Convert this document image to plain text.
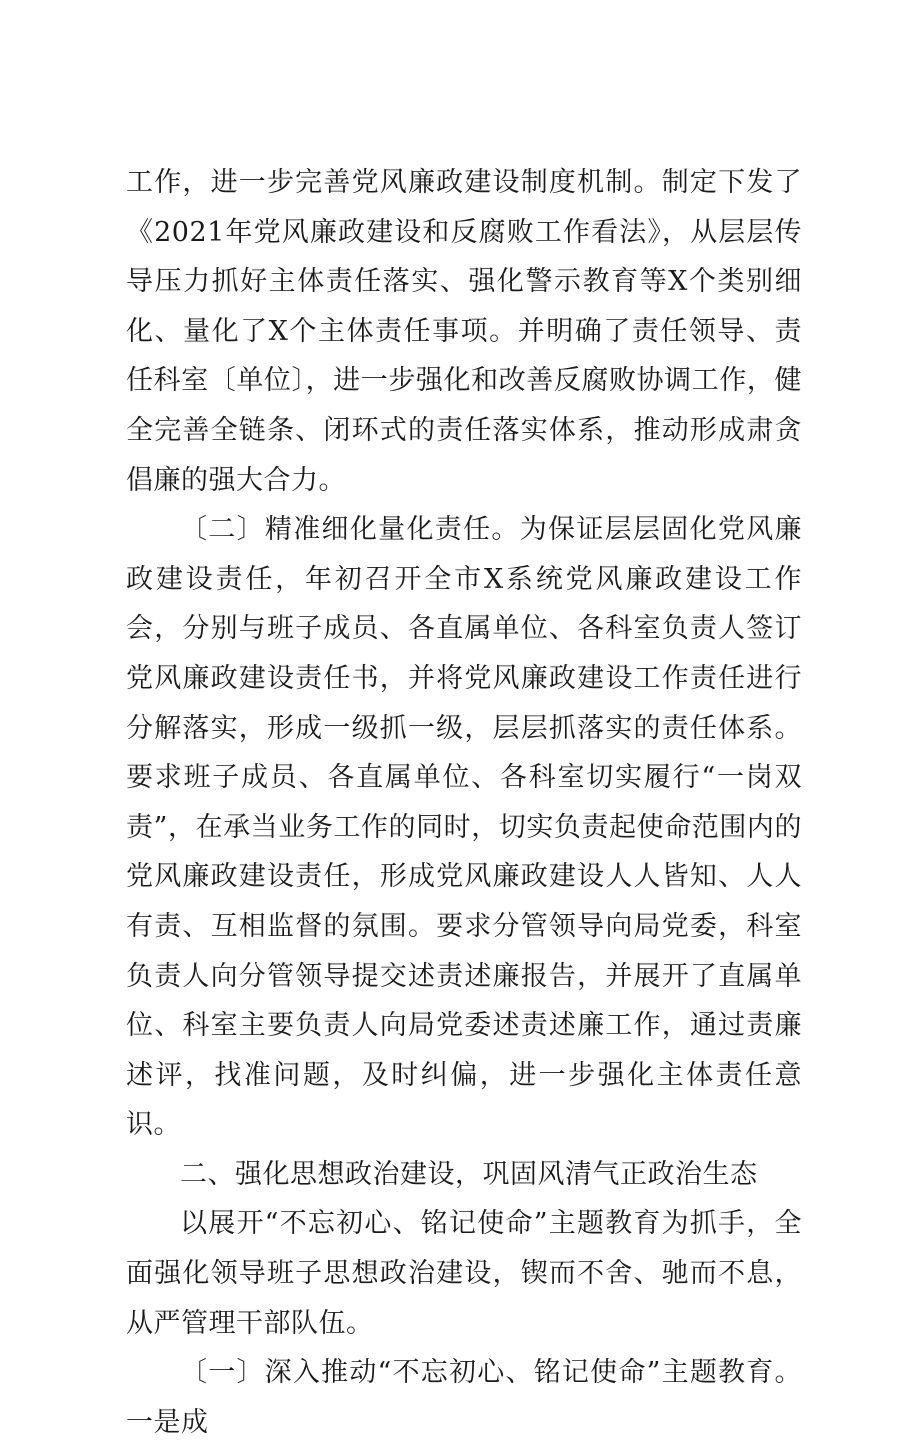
工作，进一步完善党风廉政建设制度机制。制定下发了《2021年党风廉政建设和反腐败工作看法》，从层层传导压力抓好主体责任落实、强化警示教育等X个类别细化、量化了X个主体责任事项。并明确了责任领导、责任科室〔单位〕，进一步强化和改善反腐败协调工作，健全完善全链条、闭环式的责任落实体系，推动形成肃贪倡廉的强大合力。

〔二〕精准细化量化责任。为保证层层固化党风廉政建设责任，年初召开全市X系统党风廉政建设工作会，分别与班子成员、各直属单位、各科室负责人签订党风廉政建设责任书，并将党风廉政建设工作责任进行分解落实，形成一级抓一级，层层抓落实的责任体系。要求班子成员、各直属单位、各科室切实履行“一岗双责”，在承当业务工作的同时，切实负责起使命范围内的党风廉政建设责任，形成党风廉政建设人人皆知、人人有责、互相监督的氛围。要求分管领导向局党委，科室负责人向分管领导提交述责述廉报告，并展开了直属单位、科室主要负责人向局党委述责述廉工作，通过责廉述评，找准问题，及时纠偏，进一步强化主体责任意识。

二、强化思想政治建设，巩固风清气正政治生态

以展开“不忘初心、铭记使命”主题教育为抓手，全面强化领导班子思想政治建设，锲而不舍、驰而不息，从严管理干部队伍。

〔一〕深入推动“不忘初心、铭记使命”主题教育。一是成
